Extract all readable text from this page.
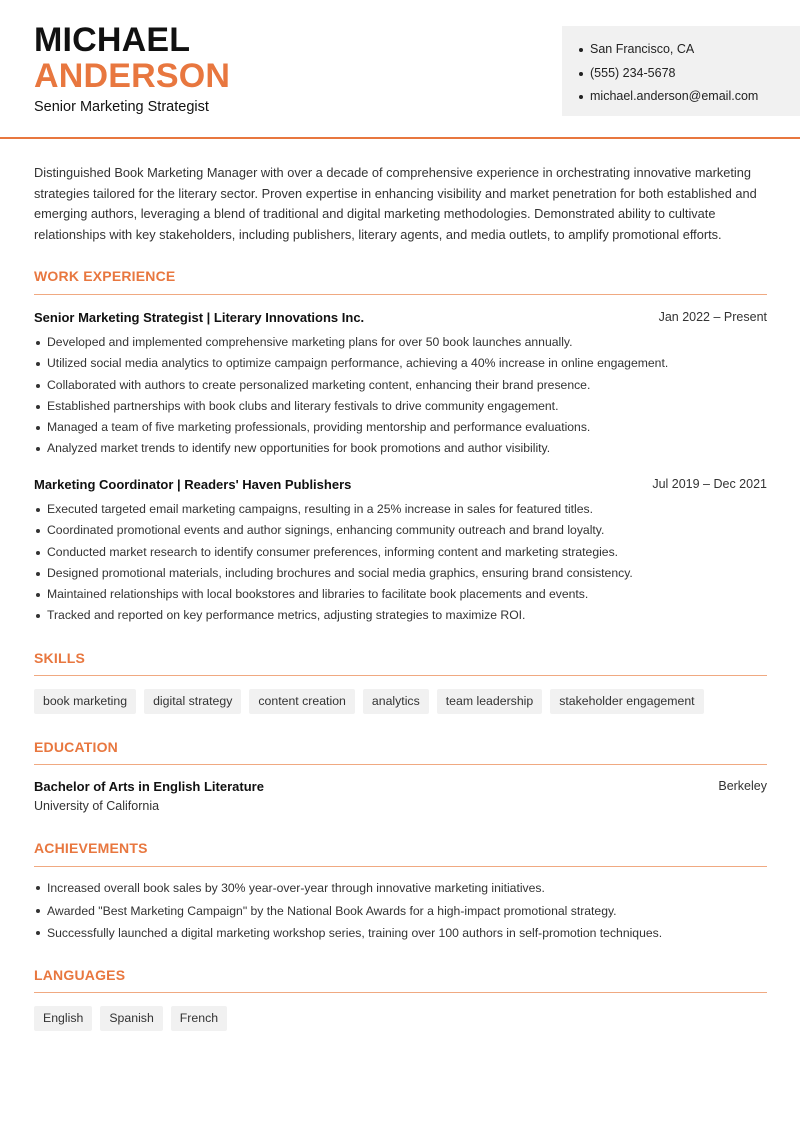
MICHAEL
ANDERSON
Senior Marketing Strategist
San Francisco, CA
(555) 234-5678
michael.anderson@email.com

Distinguished Book Marketing Manager with over a decade of comprehensive experience in orchestrating innovative marketing strategies tailored for the literary sector. Proven expertise in enhancing visibility and market penetration for both established and emerging authors, leveraging a blend of traditional and digital marketing methodologies. Demonstrated ability to cultivate relationships with key stakeholders, including publishers, literary agents, and media outlets, to amplify promotional efforts.

WORK EXPERIENCE
Senior Marketing Strategist | Literary Innovations Inc.	Jan 2022 – Present
Developed and implemented comprehensive marketing plans for over 50 book launches annually.
Utilized social media analytics to optimize campaign performance, achieving a 40% increase in online engagement.
Collaborated with authors to create personalized marketing content, enhancing their brand presence.
Established partnerships with book clubs and literary festivals to drive community engagement.
Managed a team of five marketing professionals, providing mentorship and performance evaluations.
Analyzed market trends to identify new opportunities for book promotions and author visibility.
Marketing Coordinator | Readers' Haven Publishers	Jul 2019 – Dec 2021
Executed targeted email marketing campaigns, resulting in a 25% increase in sales for featured titles.
Coordinated promotional events and author signings, enhancing community outreach and brand loyalty.
Conducted market research to identify consumer preferences, informing content and marketing strategies.
Designed promotional materials, including brochures and social media graphics, ensuring brand consistency.
Maintained relationships with local bookstores and libraries to facilitate book placements and events.
Tracked and reported on key performance metrics, adjusting strategies to maximize ROI.
SKILLS
book marketing	digital strategy	content creation	analytics	team leadership	stakeholder engagement
EDUCATION
Bachelor of Arts in English Literature	Berkeley
University of California
ACHIEVEMENTS
Increased overall book sales by 30% year-over-year through innovative marketing initiatives.
Awarded "Best Marketing Campaign" by the National Book Awards for a high-impact promotional strategy.
Successfully launched a digital marketing workshop series, training over 100 authors in self-promotion techniques.
LANGUAGES
English	Spanish	French
